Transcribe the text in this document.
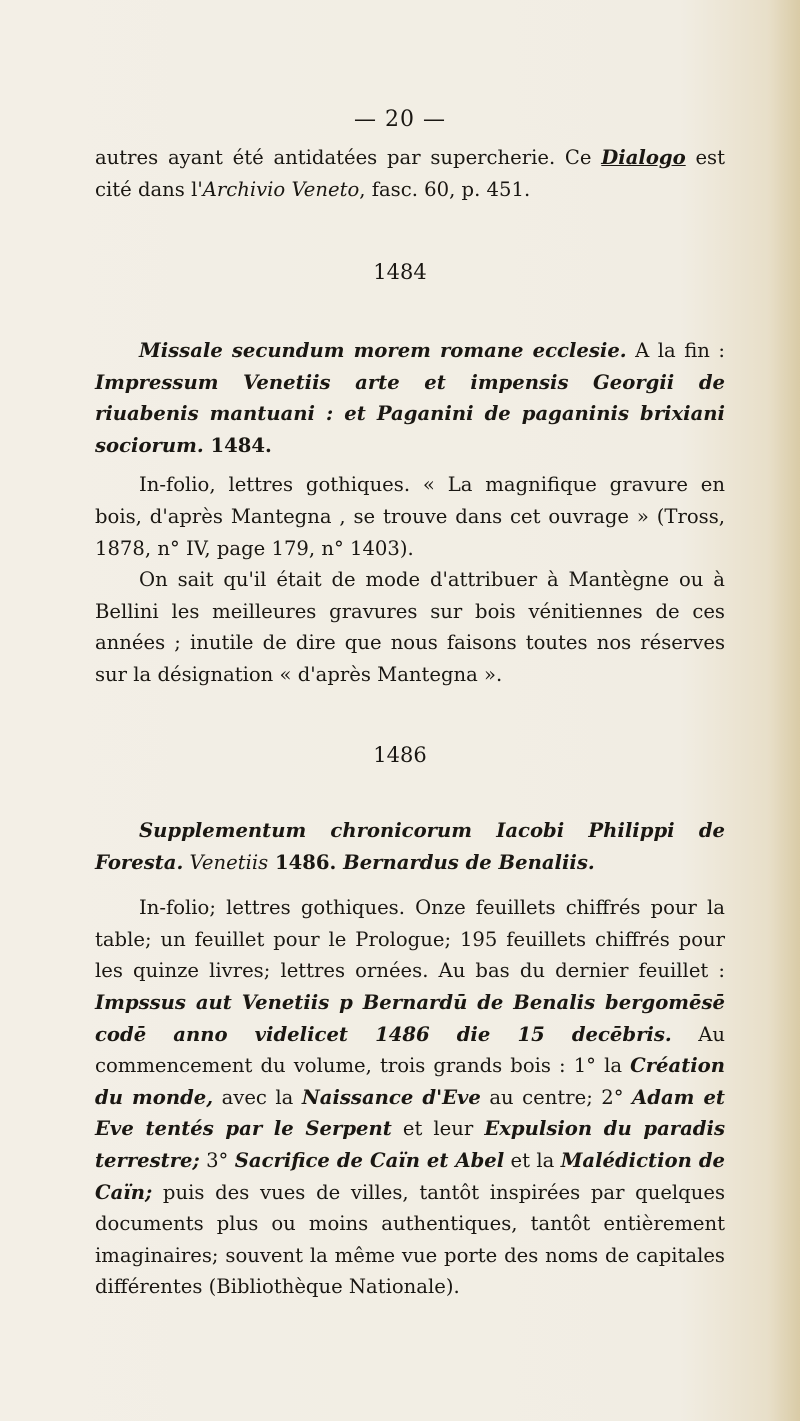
— 20 —

autres ayant été antidatées par supercherie. Ce Dialogo est cité dans l'Archivio Veneto, fasc. 60, p. 451.

1484

Missale secundum morem romane ecclesie. A la fin : Impressum Venetiis arte et impensis Georgii de riuabenis mantuani : et Paganini de paganinis brixiani sociorum. 1484.

In-folio, lettres gothiques. « La magnifique gravure en bois, d'après Mantegna , se trouve dans cet ouvrage » (Tross, 1878, n° IV, page 179, n° 1403).

On sait qu'il était de mode d'attribuer à Mantègne ou à Bellini les meilleures gravures sur bois vénitiennes de ces années ; inutile de dire que nous faisons toutes nos réserves sur la désignation « d'après Mantegna ».

1486

Supplementum chronicorum Iacobi Philippi de Foresta. Venetiis 1486. Bernardus de Benaliis.

In-folio; lettres gothiques. Onze feuillets chiffrés pour la table; un feuillet pour le Prologue; 195 feuillets chiffrés pour les quinze livres; lettres ornées. Au bas du dernier feuillet : Impssus aut Venetiis p Bernardū de Benalis bergomēsē codē anno videlicet 1486 die 15 decēbris. Au commencement du volume, trois grands bois : 1° la Création du monde, avec la Naissance d'Eve au centre; 2° Adam et Eve tentés par le Serpent et leur Expulsion du paradis terrestre; 3° Sacrifice de Caïn et Abel et la Malédiction de Caïn; puis des vues de villes, tantôt inspirées par quelques documents plus ou moins authentiques, tantôt entièrement imaginaires; souvent la même vue porte des noms de capitales différentes (Bibliothèque Nationale).
